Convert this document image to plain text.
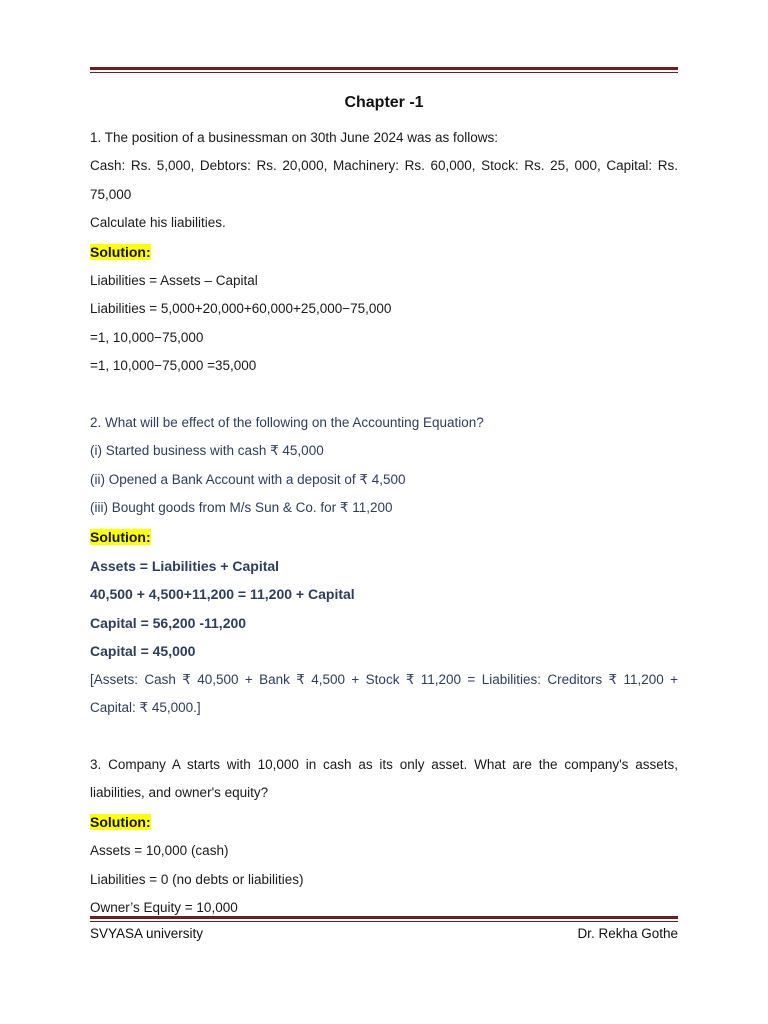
Chapter -1

1. The position of a businessman on 30th June 2024 was as follows:

Cash: Rs. 5,000, Debtors: Rs. 20,000, Machinery: Rs. 60,000, Stock: Rs. 25, 000, Capital: Rs. 75,000

Calculate his liabilities.

Solution:

Liabilities = Assets – Capital

Liabilities = 5,000+20,000+60,000+25,000−75,000

=1, 10,000−75,000

=1, 10,000−75,000 =35,000

2. What will be effect of the following on the Accounting Equation?

(i) Started business with cash ₹ 45,000

(ii) Opened a Bank Account with a deposit of ₹ 4,500

(iii) Bought goods from M/s Sun & Co. for ₹ 11,200

Solution:

Assets = Liabilities + Capital

40,500 + 4,500+11,200 = 11,200 + Capital

Capital = 56,200 -11,200

Capital = 45,000

[Assets: Cash ₹ 40,500 + Bank ₹ 4,500 + Stock ₹ 11,200 = Liabilities: Creditors ₹ 11,200 + Capital: ₹ 45,000.]

3. Company A starts with 10,000 in cash as its only asset. What are the company's assets, liabilities, and owner's equity?

Solution:

Assets = 10,000 (cash)

Liabilities = 0 (no debts or liabilities)

Owner’s Equity = 10,000

SVYASA university	Dr. Rekha Gothe
